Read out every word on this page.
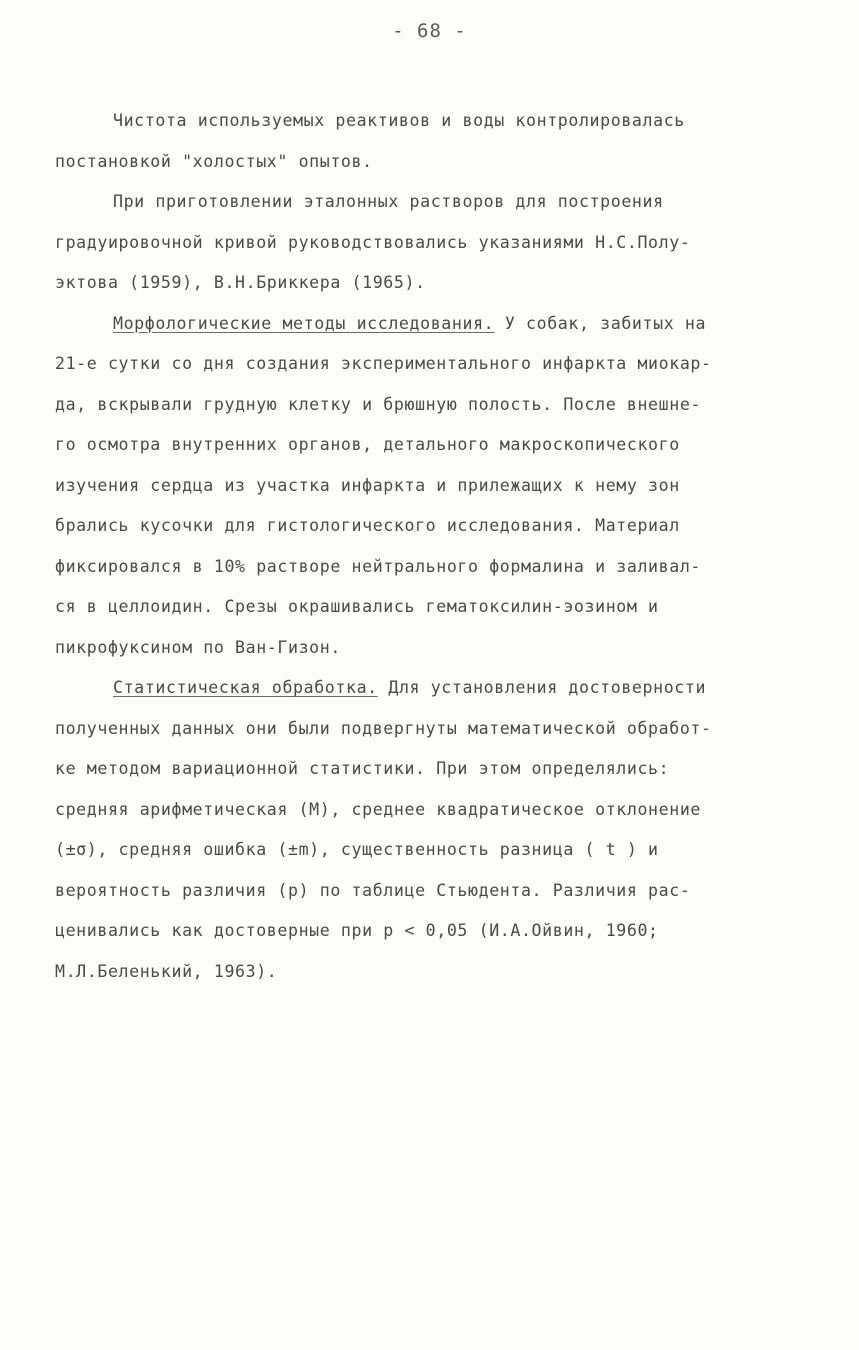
- 68 -
Чистота используемых реактивов и воды контролировалась
постановкой "холостых" опытов.
При приготовлении эталонных растворов для построения
градуировочной кривой руководствовались указаниями Н.С.Полу-
эктова (1959), В.Н.Бриккера (1965).
Морфологические методы исследования. У собак, забитых на
21-е сутки со дня создания экспериментального инфаркта миокар-
да, вскрывали грудную клетку и брюшную полость. После внешне-
го осмотра внутренних органов, детального макроскопического
изучения сердца из участка инфаркта и прилежащих к нему зон
брались кусочки для гистологического исследования. Материал
фиксировался в 10% растворе нейтрального формалина и заливал-
ся в целлоидин. Срезы окрашивались гематоксилин-эозином и
пикрофуксином по Ван-Гизон.
Статистическая обработка. Для установления достоверности
полученных данных они были подвергнуты математической обработ-
ке методом вариационной статистики. При этом определялись:
средняя арифметическая (М), среднее квадратическое отклонение
(±σ), средняя ошибка (±m), существенность разница ( t ) и
вероятность различия (р) по таблице Стьюдента. Различия рас-
ценивались как достоверные при р < 0,05 (И.А.Ойвин, 1960;
М.Л.Беленький, 1963).
